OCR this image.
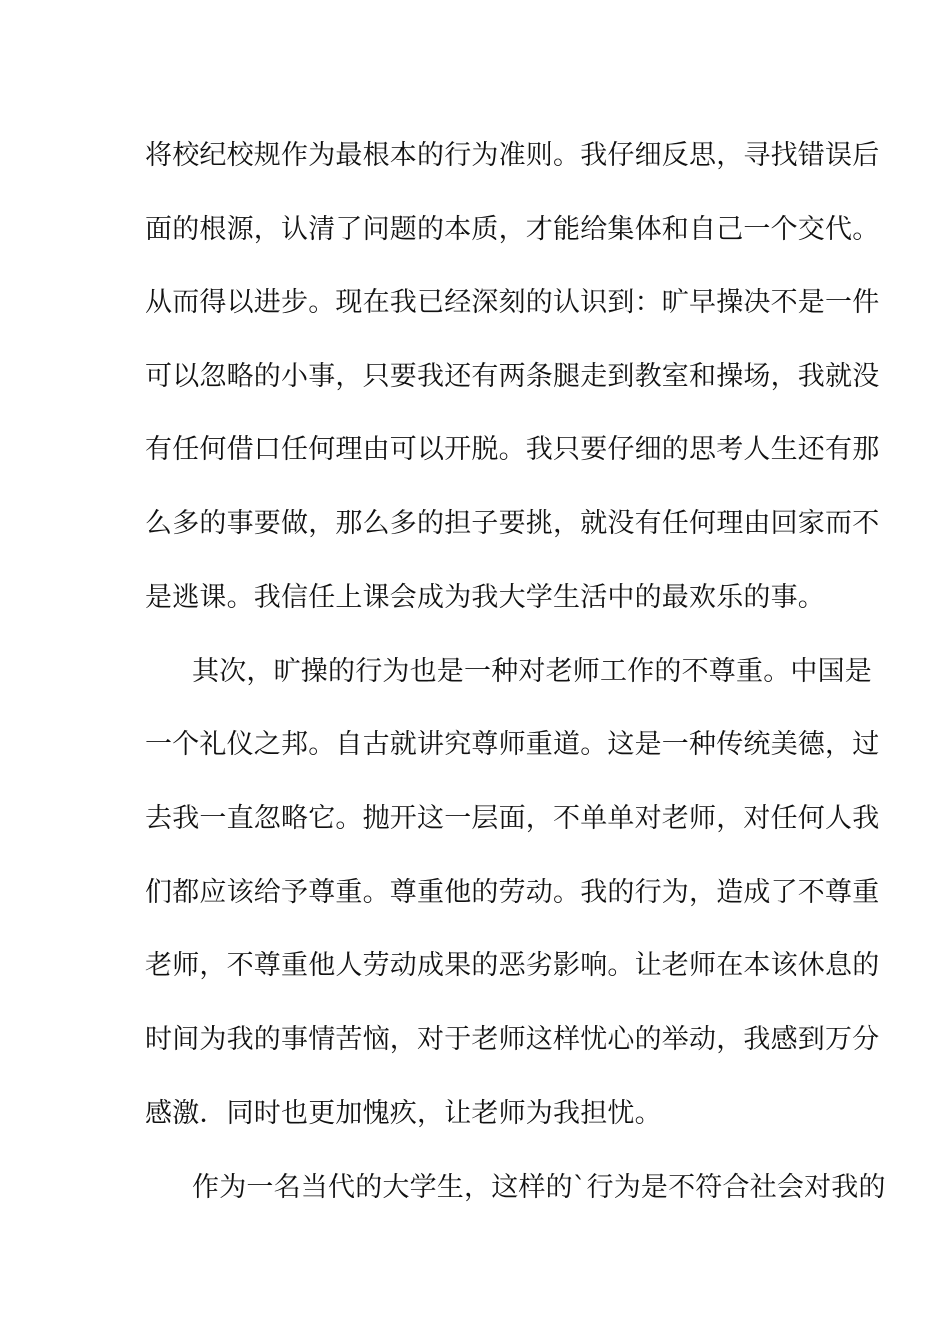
将校纪校规作为最根本的行为准则。我仔细反思，寻找错误后
面的根源，认清了问题的本质，才能给集体和自己一个交代。
从而得以进步。现在我已经深刻的认识到：旷早操决不是一件
可以忽略的小事，只要我还有两条腿走到教室和操场，我就没
有任何借口任何理由可以开脱。我只要仔细的思考人生还有那
么多的事要做，那么多的担子要挑，就没有任何理由回家而不
是逃课。我信任上课会成为我大学生活中的最欢乐的事。
其次，旷操的行为也是一种对老师工作的不尊重。中国是
一个礼仪之邦。自古就讲究尊师重道。这是一种传统美德，过
去我一直忽略它。抛开这一层面，不单单对老师，对任何人我
们都应该给予尊重。尊重他的劳动。我的行为，造成了不尊重
老师，不尊重他人劳动成果的恶劣影响。让老师在本该休息的
时间为我的事情苦恼，对于老师这样忧心的举动，我感到万分
感激．同时也更加愧疚，让老师为我担忧。
作为一名当代的大学生，这样的`行为是不符合社会对我的
